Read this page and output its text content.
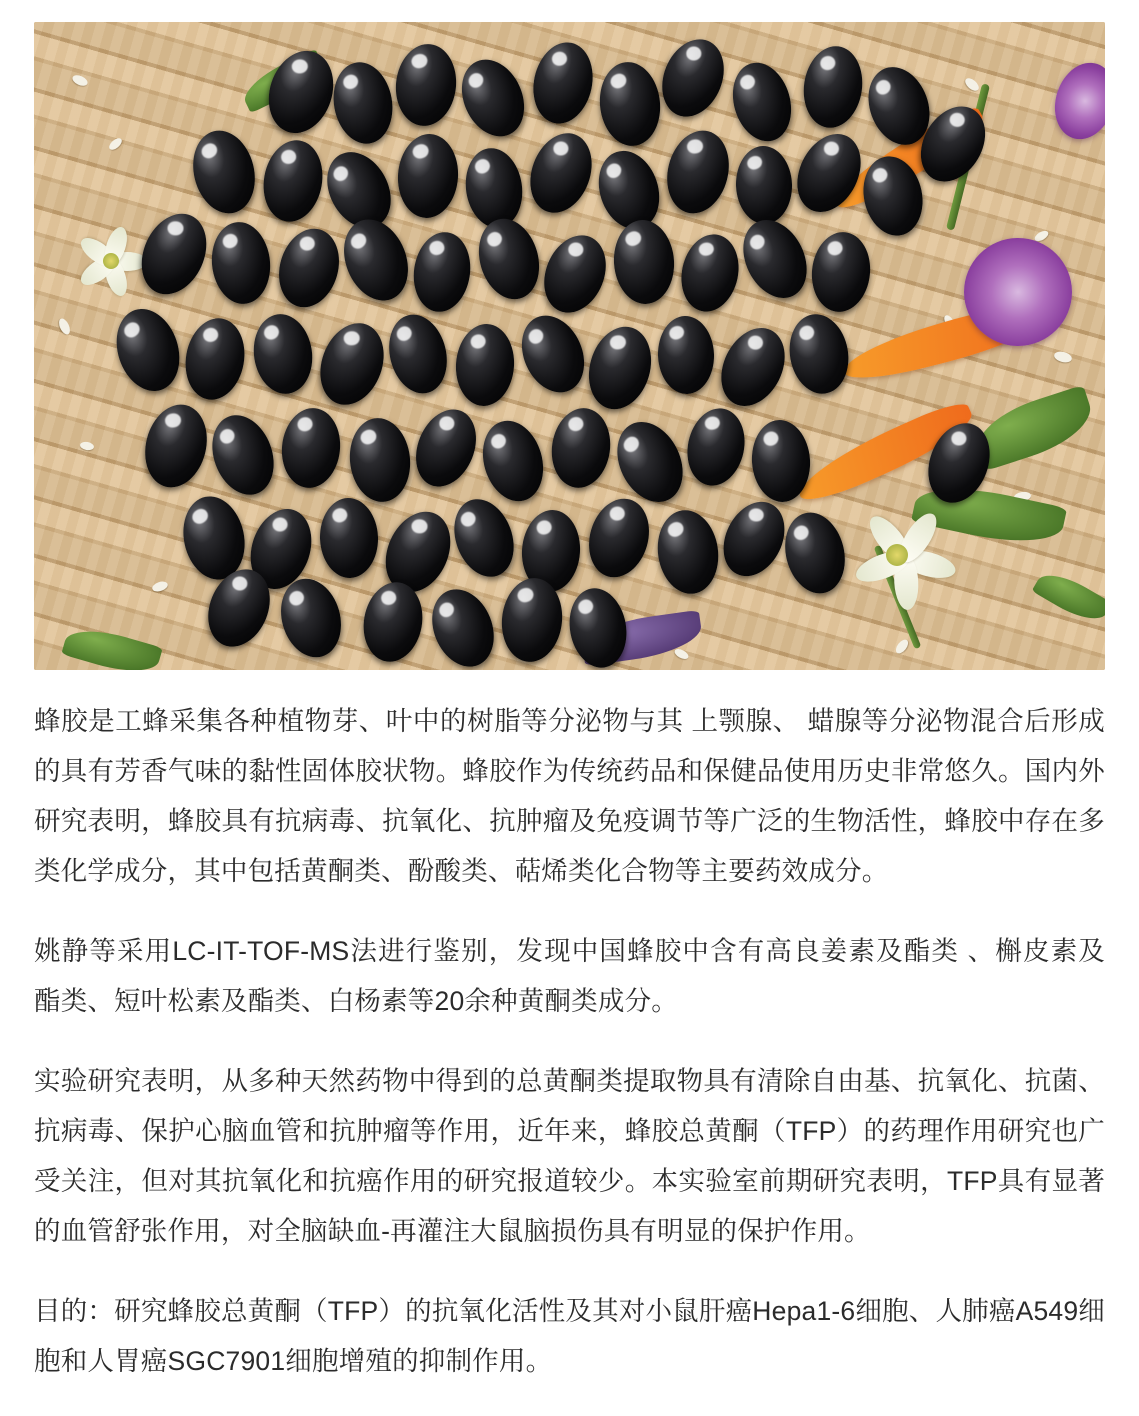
蜂胶是工蜂采集各种植物芽、叶中的树脂等分泌物与其 上颚腺、 蜡腺等分泌物混合后形成的具有芳香气味的黏性固体胶状物。蜂胶作为传统药品和保健品使用历史非常悠久。国内外研究表明，蜂胶具有抗病毒、抗氧化、抗肿瘤及免疫调节等广泛的生物活性，蜂胶中存在多类化学成分，其中包括黄酮类、酚酸类、萜烯类化合物等主要药效成分。

姚静等采用LC-IT-TOF-MS法进行鉴别，发现中国蜂胶中含有高良姜素及酯类 、槲皮素及 酯类、短叶松素及酯类、白杨素等20余种黄酮类成分。

实验研究表明，从多种天然药物中得到的总黄酮类提取物具有清除自由基、抗氧化、抗菌、抗病毒、保护心脑血管和抗肿瘤等作用，近年来，蜂胶总黄酮（TFP）的药理作用研究也广受关注，但对其抗氧化和抗癌作用的研究报道较少。本实验室前期研究表明，TFP具有显著的血管舒张作用，对全脑缺血-再灌注大鼠脑损伤具有明显的保护作用。

目的：研究蜂胶总黄酮（TFP）的抗氧化活性及其对小鼠肝癌Hepa1-6细胞、人肺癌A549细胞和人胃癌SGC7901细胞增殖的抑制作用。
